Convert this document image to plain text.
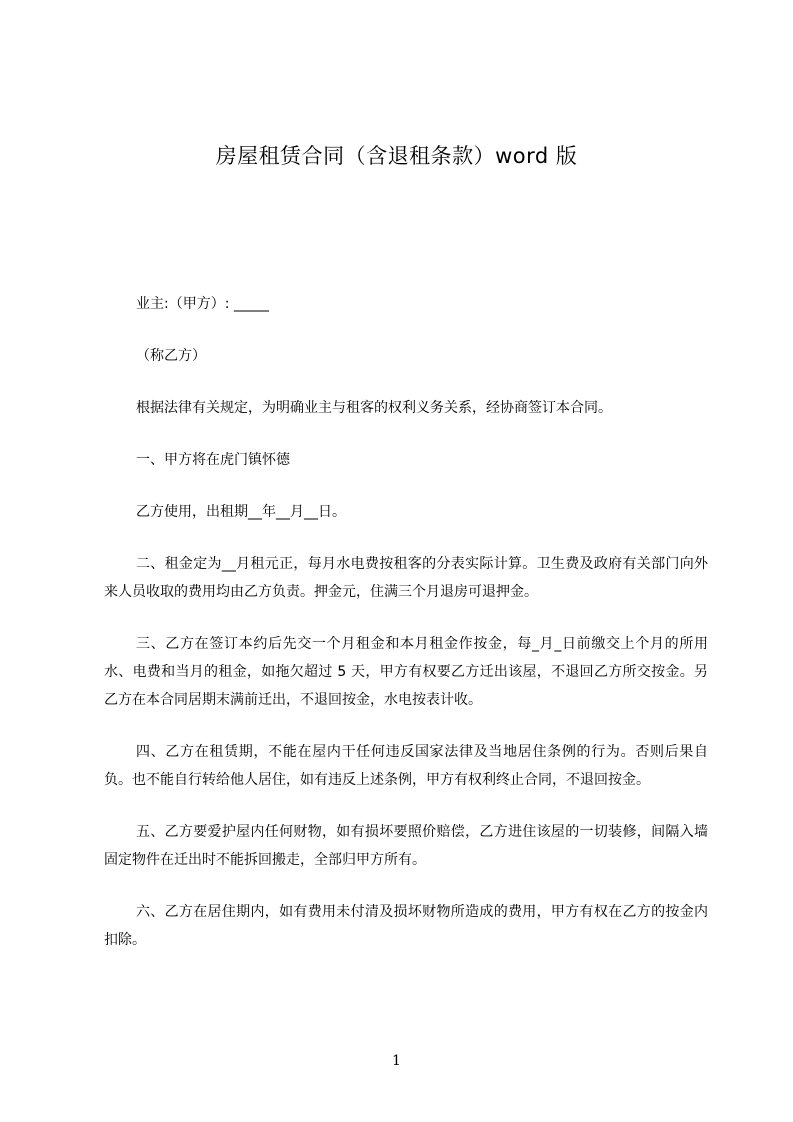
房屋租赁合同（含退租条款）word 版

业主:（甲方）: _____

（称乙方）

根据法律有关规定，为明确业主与租客的权利义务关系，经协商签订本合同。

一、甲方将在虎门镇怀德

乙方使用，出租期__年__月__日。

二、租金定为__月租元正，每月水电费按租客的分表实际计算。卫生费及政府有关部门向外来人员收取的费用均由乙方负责。押金元，住满三个月退房可退押金。

三、乙方在签订本约后先交一个月租金和本月租金作按金，每_月_日前缴交上个月的所用水、电费和当月的租金，如拖欠超过 5 天，甲方有权要乙方迁出该屋，不退回乙方所交按金。另乙方在本合同居期末满前迁出，不退回按金，水电按表计收。

四、乙方在租赁期，不能在屋内干任何违反国家法律及当地居住条例的行为。否则后果自负。也不能自行转给他人居住，如有违反上述条例，甲方有权利终止合同，不退回按金。

五、乙方要爱护屋内任何财物，如有损坏要照价赔偿，乙方进住该屋的一切装修，间隔入墙固定物件在迁出时不能拆回搬走，全部归甲方所有。

六、乙方在居住期内，如有费用未付清及损坏财物所造成的费用，甲方有权在乙方的按金内扣除。

1
